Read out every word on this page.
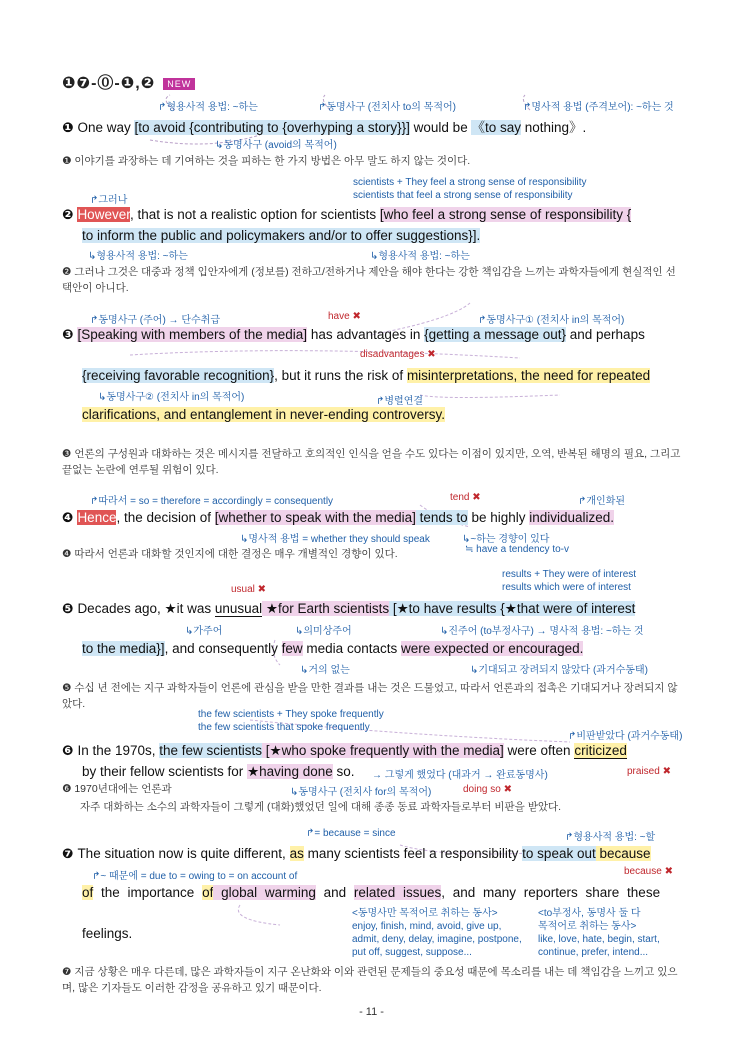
❶❼-⓪-❶,❷ NEW
↱형용사적 용법: ~하는	↱동명사구 (전치사 to의 목적어)	↱명사적 용법 (주격보어): ~하는 것
❶ One way [to avoid {contributing to {overhyping a story}}] would be 《to say nothing》.
↳동명사구 (avoid의 목적어)
❶ 이야기를 과장하는 데 기여하는 것을 피하는 한 가지 방법은 아무 말도 하지 않는 것이다.
scientists + They feel a strong sense of responsibility
scientists that feel a strong sense of responsibility
↱그러나
❷ However, that is not a realistic option for scientists [who feel a strong sense of responsibility {
to inform the public and policymakers and/or to offer suggestions}].
↳형용사적 용법: ~하는	↳형용사적 용법: ~하는
❷ 그러나 그것은 대중과 정책 입안자에게 (정보를) 전하고/전하거나 제안을 해야 한다는 강한 책임감을 느끼는 과학자들에게 현실적인 선택안이 아니다.
↱동명사구 (주어) → 단수취급	have ✖	↱동명사구① (전치사 in의 목적어)
❸ [Speaking with members of the media] has advantages in {getting a message out} and perhaps
disadvantages ✖
{receiving favorable recognition}, but it runs the risk of misinterpretations, the need for repeated
↳동명사구② (전치사 in의 목적어)	↱병렬연결
clarifications, and entanglement in never-ending controversy.
❸ 언론의 구성원과 대화하는 것은 메시지를 전달하고 호의적인 인식을 얻을 수도 있다는 이점이 있지만, 오역, 반복된 해명의 필요, 그리고 끝없는 논란에 연루될 위험이 있다.
↱따라서 = so = therefore = accordingly = consequently	tend ✖	↱개인화된
❹ Hence, the decision of [whether to speak with the media] tends to be highly individualized.
↳명사적 용법 = whether they should speak	↳~하는 경향이 있다
≒ have a tendency to-v
❹ 따라서 언론과 대화할 것인지에 대한 결정은 매우 개별적인 경향이 있다.
results + They were of interest
results which were of interest
usual ✖
❺ Decades ago, ★it was unusual ★for Earth scientists [★to have results {★that were of interest
↳가주어	↳의미상주어	↳진주어 (to부정사구) → 명사적 용법: ~하는 것
to the media}], and consequently few media contacts were expected or encouraged.
↳거의 없는	↳기대되고 장려되지 않았다 (과거수동태)
❺ 수십 년 전에는 지구 과학자들이 언론에 관심을 받을 만한 결과를 내는 것은 드물었고, 따라서 언론과의 접촉은 기대되거나 장려되지 않았다.
the few scientists + They spoke frequently
the few scientists that spoke frequently
↱비판받았다 (과거수동태)
❻ In the 1970s, the few scientists [★who spoke frequently with the media] were often criticized
by their fellow scientists for ★having done so. → 그렇게 했었다 (대과거 → 완료동명사)	praised ✖
❻ 1970년대에는 언론과	↳동명사구 (전치사 for의 목적어)	doing so ✖
자주 대화하는 소수의 과학자들이 그렇게 (대화)했었던 일에 대해 종종 동료 과학자들로부터 비판을 받았다.
↱= because = since	↱형용사적 용법: ~할
❼ The situation now is quite different, as many scientists feel a responsibility to speak out because
↱~ 때문에 = due to = owing to = on account of	because ✖
of the importance of global warming and related issues, and many reporters share these
<동명사만 목적어로 취하는 동사>
enjoy, finish, mind, avoid, give up,
admit, deny, delay, imagine, postpone,
put off, suggest, suppose...
<to부정사, 동명사 둘 다
목적어로 취하는 동사>
like, love, hate, begin, start,
continue, prefer, intend...
feelings.
❼ 지금 상황은 매우 다른데, 많은 과학자들이 지구 온난화와 이와 관련된 문제들의 중요성 때문에 목소리를 내는 데 책임감을 느끼고 있으며, 많은 기자들도 이러한 감정을 공유하고 있기 때문이다.
- 11 -
